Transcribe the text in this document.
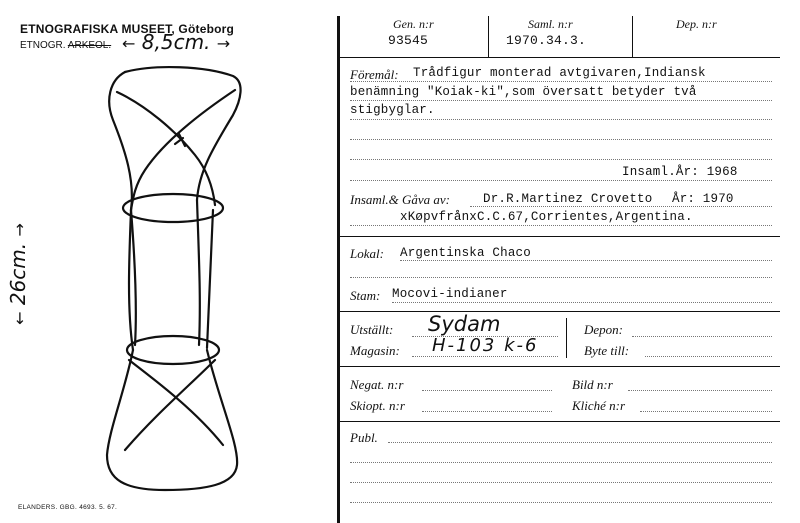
ETNOGRAFISKA MUSEET, Göteborg
ETNOGR. ARKEOL. ← 8,5cm. →
← 26cm. →
ELANDERS. GBG. 4693. 5. 67.
Gen. n:r
93545
Saml. n:r
1970.34.3.
Dep. n:r
Föremål: Trådfigur monterad avtgivaren,Indiansk
benämning "Koiak-ki",som översatt betyder två
stigbyglar.
Insaml.År: 1968
Insaml.& Gåva av:	Dr.R.Martinez Crovetto År: 1970
xKøpvfrånxC.C.67,Corrientes,Argentina.
Lokal: Argentinska Chaco
Stam: Mocovi-indianer
Utställt: Sydam
Magasin: H-103 k-6
Depon:
Byte till:
Negat. n:r
Skiopt. n:r
Bild n:r
Kliché n:r
Publ.
